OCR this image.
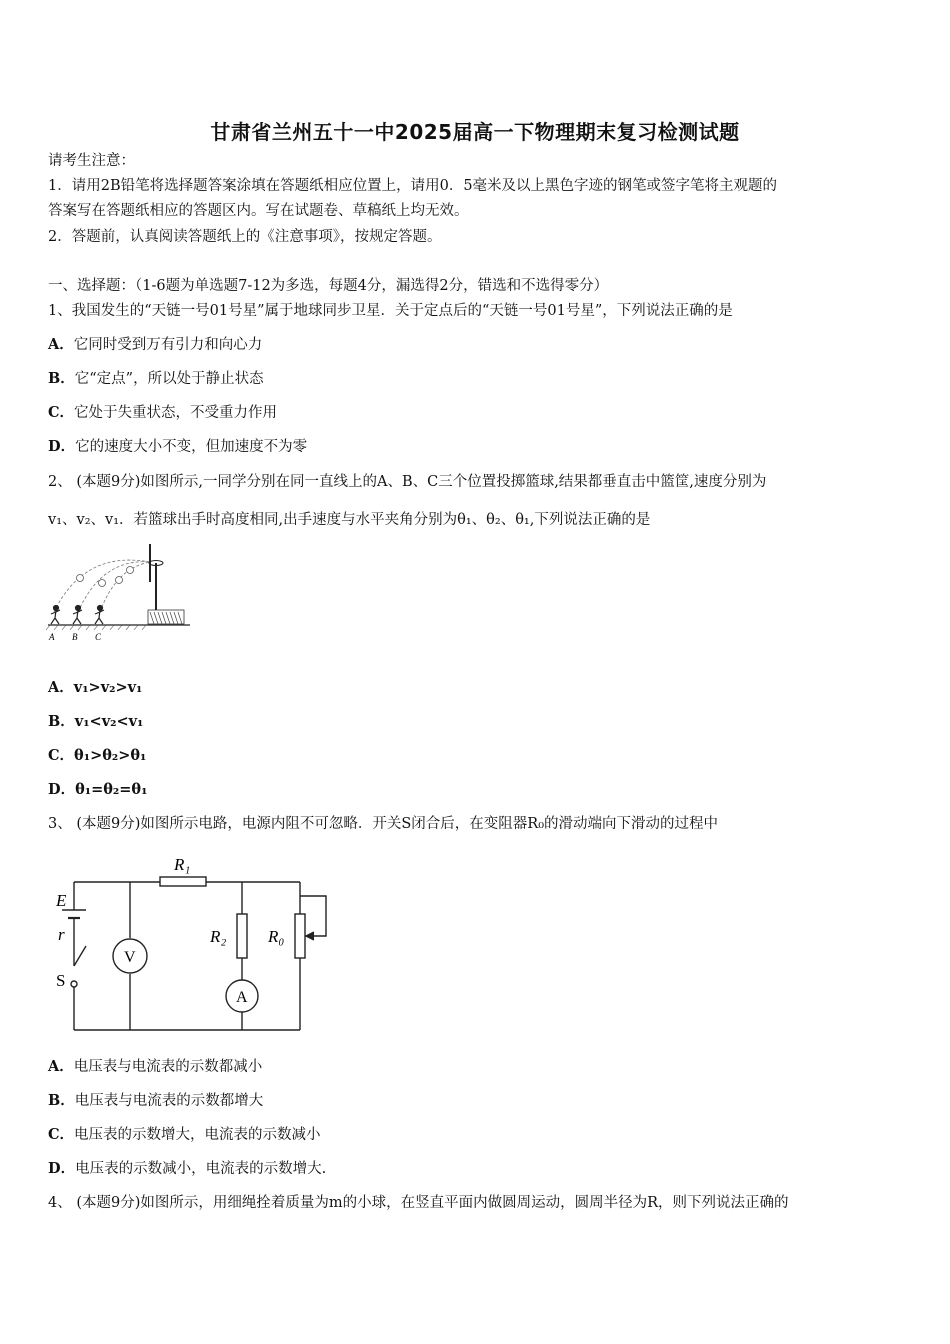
甘肃省兰州五十一中2025届高一下物理期末复习检测试题
请考生注意：
1．请用2B铅笔将选择题答案涂填在答题纸相应位置上，请用0．5毫米及以上黑色字迹的钢笔或签字笔将主观题的
答案写在答题纸相应的答题区内。写在试题卷、草稿纸上均无效。
2．答题前，认真阅读答题纸上的《注意事项》，按规定答题。
一、选择题：（1-6题为单选题7-12为多选，每题4分，漏选得2分，错选和不选得零分）
1、我国发生的“天链一号01号星”属于地球同步卫星．关于定点后的“天链一号01号星”，下列说法正确的是
A．它同时受到万有引力和向心力
B．它“定点”，所以处于静止状态
C．它处于失重状态，不受重力作用
D．它的速度大小不变，但加速度不为零
2、 (本题9分)如图所示,一同学分别在同一直线上的A、B、C三个位置投掷篮球,结果都垂直击中篮筐,速度分别为
v₁、v₂、v₁．若篮球出手时高度相同,出手速度与水平夹角分别为θ₁、θ₂、θ₁,下列说法正确的是
A B C
A．v₁>v₂>v₁
B．v₁<v₂<v₁
C．θ₁>θ₂>θ₁
D．θ₁=θ₂=θ₁
3、 (本题9分)如图所示电路，电源内阻不可忽略．开关S闭合后，在变阻器R₀的滑动端向下滑动的过程中
R₁
E
r
S
V
R₂
A
R₀
A．电压表与电流表的示数都减小
B．电压表与电流表的示数都增大
C．电压表的示数增大，电流表的示数减小
D．电压表的示数减小，电流表的示数增大.
4、 (本题9分)如图所示，用细绳拴着质量为m的小球，在竖直平面内做圆周运动，圆周半径为R，则下列说法正确的
